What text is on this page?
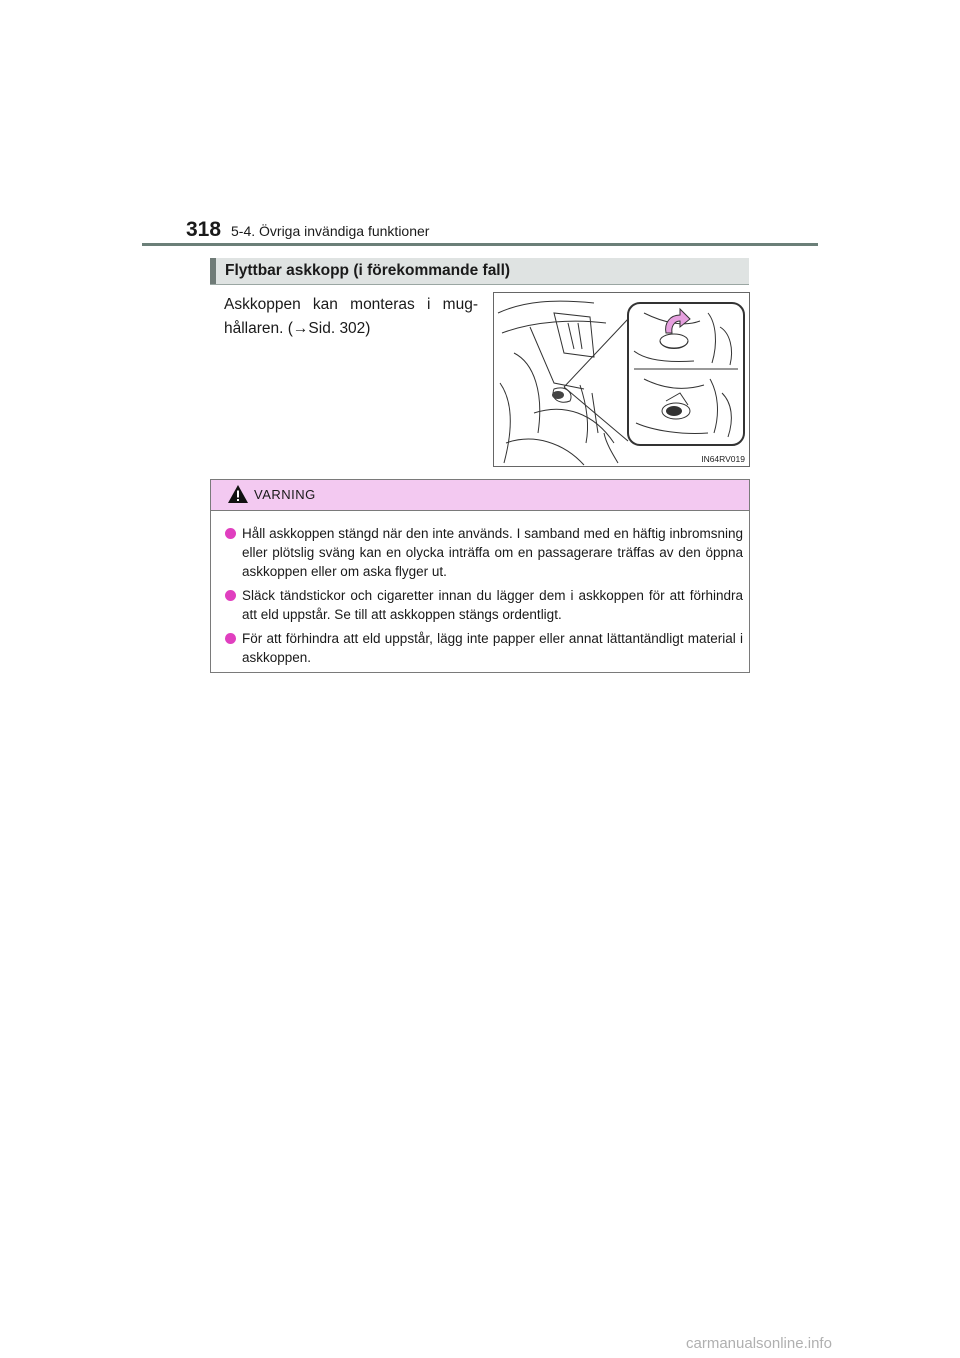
318 5-4. Övriga invändiga funktioner
Flyttbar askkopp (i förekommande fall)
Askkoppen kan monteras i mug-hållaren. (→Sid. 302)
IN64RV019
VARNING
Håll askkoppen stängd när den inte används. I samband med en häftig inbromsning eller plötslig sväng kan en olycka inträffa om en passagerare träffas av den öppna askkoppen eller om aska flyger ut.
Släck tändstickor och cigaretter innan du lägger dem i askkoppen för att förhindra att eld uppstår. Se till att askkoppen stängs ordentligt.
För att förhindra att eld uppstår, lägg inte papper eller annat lättantändligt material i askkoppen.
carmanualsonline.info
